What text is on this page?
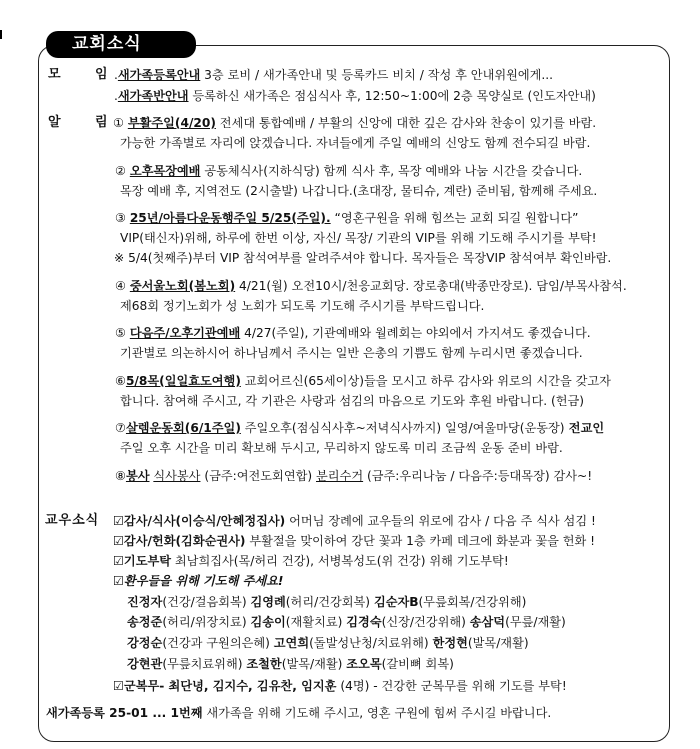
교회소식
모	임 .새가족등록안내 3층 로비 / 새가족안내 및 등록카드 비치 / 작성 후 안내위원에게...
.새가족반안내 등록하신 새가족은 점심식사 후, 12:50~1:00에 2층 목양실로 (인도자안내)
알	림 ① 부활주일(4/20) 전세대 통합예배 / 부활의 신앙에 대한 깊은 감사와 찬송이 있기를 바람.
가능한 가족별로 자리에 앉겠습니다. 자녀들에게 주일 예배의 신앙도 함께 전수되길 바람.
② 오후목장예배 공동체식사(지하식당) 함께 식사 후, 목장 예배와 나눔 시간을 갖습니다.
목장 예배 후, 지역전도 (2시출발) 나갑니다.(초대장, 물티슈, 계란) 준비됨, 함께해 주세요.
③ 25년/아름다운동행주일 5/25(주일). “영혼구원을 위해 힘쓰는 교회 되길 원합니다”
VIP(태신자)위해, 하루에 한번 이상, 자신/ 목장/ 기관의 VIP를 위해 기도해 주시기를 부탁!
※ 5/4(첫째주)부터 VIP 참석여부를 알려주셔야 합니다. 목자들은 목장VIP 참석여부 확인바람.
④ 중서울노회(봄노회) 4/21(월) 오전10시/천응교회당. 장로총대(박종만장로). 담임/부목사참석.
제68회 정기노회가 성 노회가 되도록 기도해 주시기를 부탁드립니다.
⑤ 다음주/오후기관예배 4/27(주일), 기관예배와 월례회는 야외에서 가지셔도 좋겠습니다.
기관별로 의논하시어 하나님께서 주시는 일반 은총의 기쁨도 함께 누리시면 좋겠습니다.
⑥5/8목(일일효도여행) 교회어르신(65세이상)들을 모시고 하루 감사와 위로의 시간을 갖고자
합니다. 참여해 주시고, 각 기관은 사랑과 섬김의 마음으로 기도와 후원 바랍니다. (헌금)
⑦살렘운동회(6/1주일) 주일오후(점심식사후~저녁식사까지) 일영/여울마당(운동장) 전교인
주일 오후 시간을 미리 확보해 두시고, 무리하지 않도록 미리 조금씩 운동 준비 바람.
⑧봉사 식사봉사 (금주:여전도회연합) 분리수거 (금주:우리나눔 / 다음주:등대목장) 감사~!
교우소식 ☑감사/식사(이승식/안혜정집사) 어머님 장례에 교우들의 위로에 감사 / 다음 주 식사 섬김 !
☑감사/헌화(김화순권사) 부활절을 맞이하여 강단 꽃과 1층 카페 데크에 화분과 꽃을 헌화 !
☑기도부탁 최남희집사(목/허리 건강), 서병복성도(위 건강) 위해 기도부탁!
☑환우들을 위해 기도해 주세요!
진정자(건강/걸음회복) 김영례(허리/건강회복) 김순자B(무릎회복/건강위해)
송정준(허리/위장치료) 김송이(재활치료) 김경숙(신장/건강위해) 송삼덕(무릎/재활)
강정순(건강과 구원의은혜) 고연희(돌발성난청/치료위해) 한정현(발목/재활)
강현관(무릎치료위해) 조철한(발목/재활) 조오목(갈비뼈 회복)
☑군복무- 최단녕, 김지수, 김유찬, 임지훈 (4명) - 건강한 군복무를 위해 기도를 부탁!
새가족등록 25-01 ... 1번째 새가족을 위해 기도해 주시고, 영혼 구원에 힘써 주시길 바랍니다.
